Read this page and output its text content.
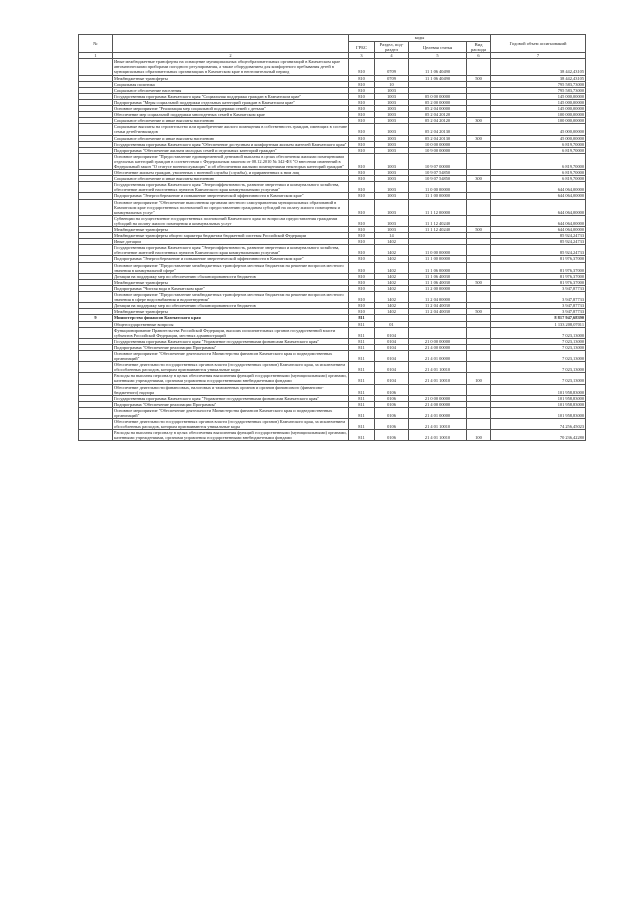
№		коды				Годовой объем ассигнований
		ГРБС	Раздел, под-раздел	Целевая статья	Вид расхода	
1	2	3	4	5	6	7
	Иные межбюджетные трансферты на оснащение муниципальных общеобразовательных организаций в Камчатском крае автоматическими приборами погодного регулирования, а также оборудованием для комфортного пребывания детей в муниципальных образовательных организациях в Камчатском крае в неотопительный период	810	0709	11 1 06 40490		38 442,43105
	Межбюджетные трансферты	810	0709	11 1 06 40490	500	38 442,43105
	Социальная политика	810	10			795 583,73000
	Социальное обеспечение населения	810	1003			795 583,73000
	Государственная программа Камчатского края "Социальная поддержка граждан в Камчатском крае"	810	1003	05 0 00 00000		145 000,00000
	Подпрограмма "Меры социальной поддержки отдельных категорий граждан в Камчатском крае"	810	1003	05 2 00 00000		145 000,00000
	Основное мероприятие "Реализация мер социальной поддержки семей с детьми"	810	1003	05 2 04 00000		145 000,00000
	Обеспечение мер социальной поддержки многодетных семей в Камчатском крае	810	1003	05 2 04 20120		100 000,00000
	Социальное обеспечение и иные выплаты населению	810	1003	05 2 04 20120	300	100 000,00000
	Социальные выплаты на строительство или приобретение жилого помещения в собственность граждан, имеющих в составе семьи детей-инвалидов	810	1003	05 2 04 20130		45 000,00000
	Социальное обеспечение и иные выплаты населению	810	1003	05 2 04 20130	300	45 000,00000
	Государственная программа Камчатского края "Обеспечение доступным и комфортным жильем жителей Камчатского края"	810	1003	10 0 00 00000		6 819,70000
	Подпрограмма "Обеспечение жильем молодых семей и отдельных категорий граждан"	810	1003	10 9 00 00000		6 819,70000
	Основное мероприятие "Предоставление единовременной денежной выплаты в целях обеспечения жилыми помещениями отдельных категорий граждан в соответствии с Федеральным законом от 08.12.2010 № 342-ФЗ "О внесении изменений в Федеральный закон "О статусе военнослужащих" и об обеспечении жилыми помещениями некоторых категорий граждан"	810	1003	10 9 07 00000		6 819,70000
	Обеспечение жильем граждан, уволенных с военной службы (службы), и приравненных к ним лиц	810	1003	10 9 07 54850		6 819,70000
	Социальное обеспечение и иные выплаты населению	810	1003	10 9 07 54850	300	6 819,70000
	Государственная программа Камчатского края "Энергоэффективность, развитие энергетики и коммунального хозяйства, обеспечение жителей населенных пунктов Камчатского края коммунальными услугами"	810	1003	11 0 00 00000		644 064,00000
	Подпрограмма "Энергосбережение и повышение энергетической эффективности в Камчатском крае"	810	1003	11 1 00 00000		644 064,00000
	Основное мероприятие "Обеспечение выполнения органами местного самоуправления муниципальных образований в Камчатском крае государственных полномочий по предоставлению гражданам субсидий на оплату жилого помещения и коммунальных услуг"	810	1003	11 1 12 00000		644 064,00000
	Субвенции на осуществление государственных полномочий Камчатского края по вопросам предоставления гражданам субсидий на оплату жилого помещения и коммунальных услуг	810	1003	11 1 12 40240		644 064,00000
	Межбюджетные трансферты	810	1003	11 1 12 40240	500	644 064,00000
	Межбюджетные трансферты общего характера бюджетам бюджетной системы Российской Федерации	810	14			85 924,24733
	Иные дотации	810	1402			85 924,24733
	Государственная программа Камчатского края "Энергоэффективность, развитие энергетики и коммунального хозяйства, обеспечение жителей населенных пунктов Камчатского края коммунальными услугами"	810	1402	11 0 00 00000		85 924,24733
	Подпрограмма "Энергосбережение и повышение энергетической эффективности в Камчатском крае"	810	1402	11 1 00 00000		81 976,37000
	Основное мероприятие "Предоставление межбюджетных трансфертов местным бюджетам на решение вопросов местного значения в коммунальной сфере"	810	1402	11 1 06 00000		81 976,37000
	Дотации на поддержку мер по обеспечению сбалансированности бюджетов	810	1402	11 1 06 40030		81 976,37000
	Межбюджетные трансферты	810	1402	11 1 06 40030	500	81 976,37000
	Подпрограмма "Чистая вода в Камчатском крае"	810	1402	11 2 00 00000		3 947,87733
	Основное мероприятие "Предоставление межбюджетных трансфертов местным бюджетам на решение вопросов местного значения в сфере водоснабжения и водоотведения"	810	1402	11 2 04 00000		3 947,87733
	Дотации на поддержку мер по обеспечению сбалансированности бюджетов	810	1402	11 2 04 40030		3 947,87733
	Межбюджетные трансферты	810	1402	11 2 04 40030	500	3 947,87733
9	Министерство финансов Камчатского края	811				8 817 947,68390
	Общегосударственные вопросы	811	01			1 133 208,07011
	Функционирование Правительства Российской Федерации, высших исполнительных органов государственной власти субъектов Российской Федерации, местных администраций	811	0104			7 023,13000
	Государственная программа Камчатского края "Управление государственными финансами Камчатского края"	811	0104	21 0 00 00000		7 023,13000
	Подпрограмма "Обеспечение реализации Программы"	811	0104	21 4 00 00000		7 023,13000
	Основное мероприятие "Обеспечение деятельности Министерства финансов Камчатского края и подведомственных организаций"	811	0104	21 4 01 00000		7 023,13000
	Обеспечение деятельности государственных органов власти (государственных органов) Камчатского края, за исключением обособленных расходов, которым присваиваются уникальные коды	811	0104	21 4 01 10010		7 023,13000
	Расходы на выплаты персоналу в целях обеспечения выполнения функций государственными (муниципальными) органами, казенными учреждениями, органами управления государственными внебюджетными фондами	811	0104	21 4 01 10010	100	7 023,13000
	Обеспечение деятельности финансовых, налоговых и таможенных органов и органов финансового (финансово-бюджетного) надзора	811	0106			101 958,83000
	Государственная программа Камчатского края "Управление государственными финансами Камчатского края"	811	0106	21 0 00 00000		101 958,83000
	Подпрограмма "Обеспечение реализации Программы"	811	0106	21 4 00 00000		101 958,83000
	Основное мероприятие "Обеспечение деятельности Министерства финансов Камчатского края и подведомственных организаций"	811	0106	21 4 01 00000		101 958,83000
	Обеспечение деятельности государственных органов власти (государственных органов) Камчатского края, за исключением обособленных расходов, которым присваиваются уникальные коды	811	0106	21 4 01 10010		74 256,45023
	Расходы на выплаты персоналу в целях обеспечения выполнения функций государственными (муниципальными) органами, казенными учреждениями, органами управления государственными внебюджетными фондами	811	0106	21 4 01 10010	100	70 236,42280
